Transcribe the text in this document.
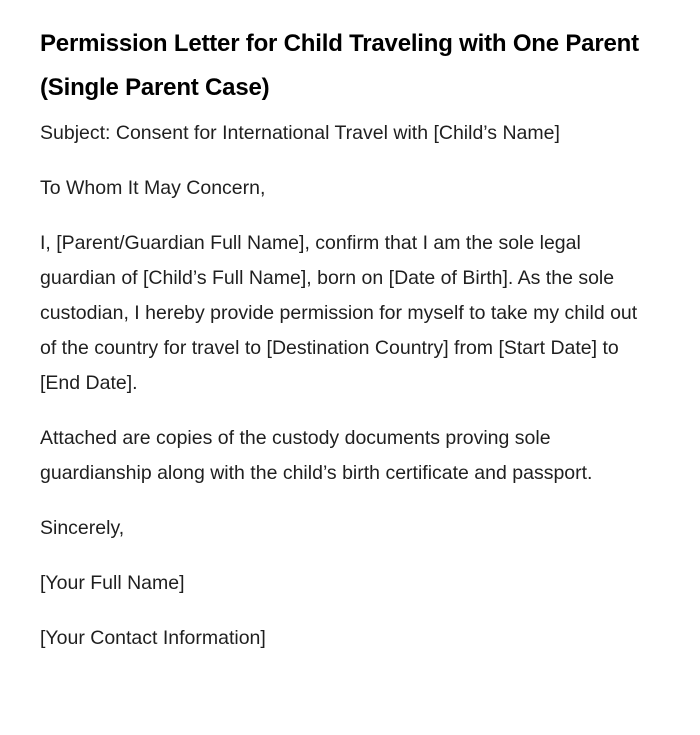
Permission Letter for Child Traveling with One Parent (Single Parent Case)

Subject: Consent for International Travel with [Child’s Name]

To Whom It May Concern,

I, [Parent/Guardian Full Name], confirm that I am the sole legal guardian of [Child’s Full Name], born on [Date of Birth]. As the sole custodian, I hereby provide permission for myself to take my child out of the country for travel to [Destination Country] from [Start Date] to [End Date].

Attached are copies of the custody documents proving sole guardianship along with the child’s birth certificate and passport.

Sincerely,

[Your Full Name]

[Your Contact Information]
